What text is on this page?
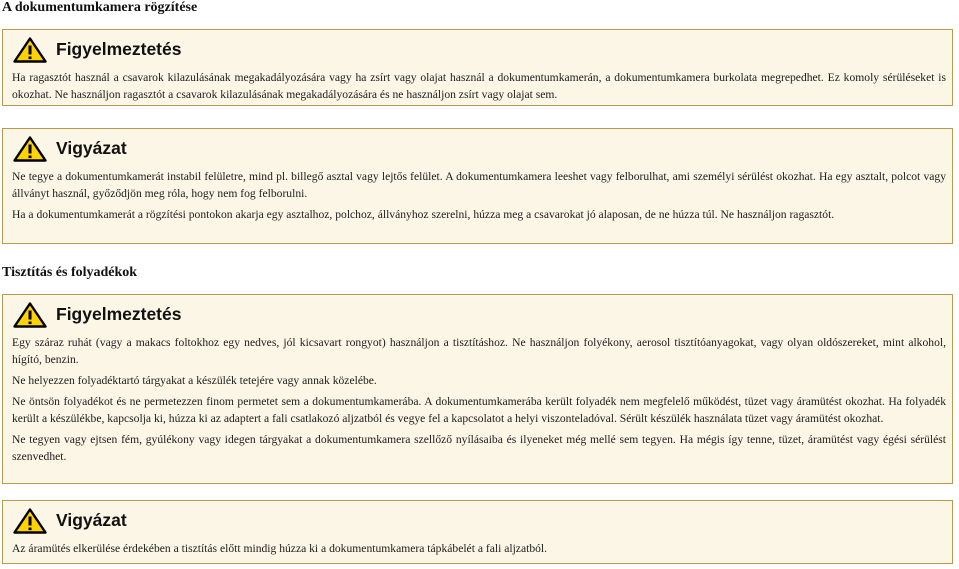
A dokumentumkamera rögzítése
Figyelmeztetés

Ha ragasztót használ a csavarok kilazulásának megakadályozására vagy ha zsírt vagy olajat használ a dokumentumkamerán, a dokumentumkamera burkolata megrepedhet. Ez komoly sérüléseket is okozhat. Ne használjon ragasztót a csavarok kilazulásának megakadályozására és ne használjon zsírt vagy olajat sem.

Vigyázat

Ne tegye a dokumentumkamerát instabil felületre, mind pl. billegő asztal vagy lejtős felület. A dokumentumkamera leeshet vagy felborulhat, ami személyi sérülést okozhat. Ha egy asztalt, polcot vagy állványt használ, győződjön meg róla, hogy nem fog felborulni.

Ha a dokumentumkamerát a rögzítési pontokon akarja egy asztalhoz, polchoz, állványhoz szerelni, húzza meg a csavarokat jó alaposan, de ne húzza túl. Ne használjon ragasztót.

Tisztítás és folyadékok
Figyelmeztetés

Egy száraz ruhát (vagy a makacs foltokhoz egy nedves, jól kicsavart rongyot) használjon a tisztításhoz. Ne használjon folyékony, aerosol tisztítóanyagokat, vagy olyan oldószereket, mint alkohol, hígító, benzin.

Ne helyezzen folyadéktartó tárgyakat a készülék tetejére vagy annak közelébe.

Ne öntsön folyadékot és ne permetezzen finom permetet sem a dokumentumkamerába. A dokumentumkamerába került folyadék nem megfelelő működést, tüzet vagy áramütést okozhat. Ha folyadék került a készülékbe, kapcsolja ki, húzza ki az adaptert a fali csatlakozó aljzatból és vegye fel a kapcsolatot a helyi viszonteladóval. Sérült készülék használata tüzet vagy áramütést okozhat.

Ne tegyen vagy ejtsen fém, gyúlékony vagy idegen tárgyakat a dokumentumkamera szellőző nyílásaiba és ilyeneket még mellé sem tegyen. Ha mégis így tenne, tüzet, áramütést vagy égési sérülést szenvedhet.

Vigyázat

Az áramütés elkerülése érdekében a tisztítás előtt mindig húzza ki a dokumentumkamera tápkábelét a fali aljzatból.
